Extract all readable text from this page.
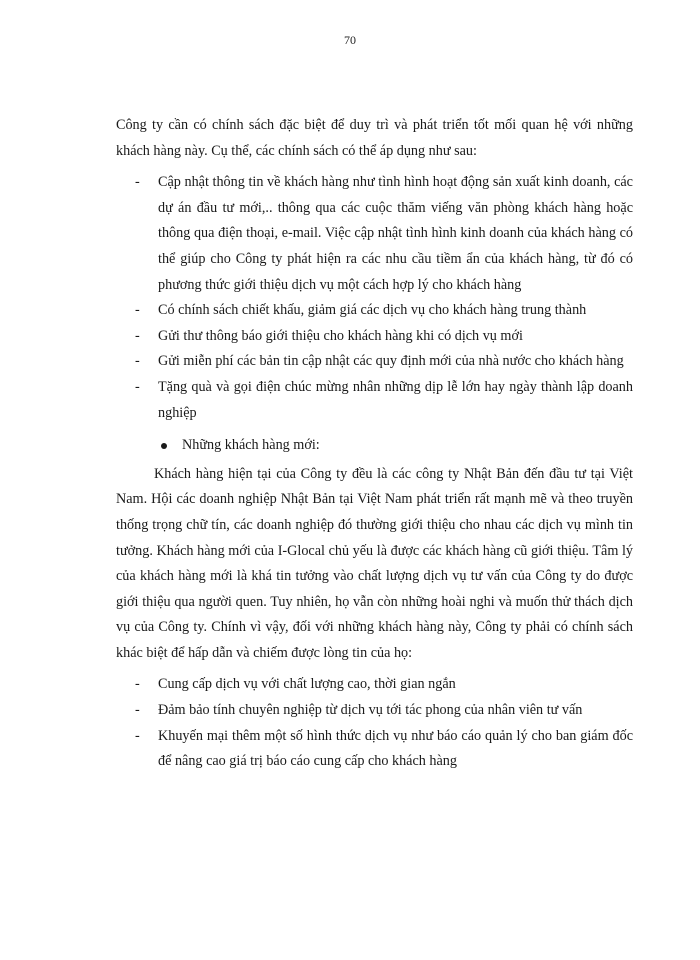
70

Công ty cần có chính sách đặc biệt để duy trì và phát triển tốt mối quan hệ với những khách hàng này. Cụ thể, các chính sách có thể áp dụng như sau:

- Cập nhật thông tin về khách hàng như tình hình hoạt động sản xuất kinh doanh, các dự án đầu tư mới,.. thông qua các cuộc thăm viếng văn phòng khách hàng hoặc thông qua điện thoại, e-mail. Việc cập nhật tình hình kinh doanh của khách hàng có thể giúp cho Công ty phát hiện ra các nhu cầu tiềm ẩn của khách hàng, từ đó có phương thức giới thiệu dịch vụ một cách hợp lý cho khách hàng
- Có chính sách chiết khấu, giảm giá các dịch vụ cho khách hàng trung thành
- Gửi thư thông báo giới thiệu cho khách hàng khi có dịch vụ mới
- Gửi miễn phí các bản tin cập nhật các quy định mới của nhà nước cho khách hàng
- Tặng quà và gọi điện chúc mừng nhân những dịp lễ lớn hay ngày thành lập doanh nghiệp
Những khách hàng mới:

Khách hàng hiện tại của Công ty đều là các công ty Nhật Bản đến đầu tư tại Việt Nam. Hội các doanh nghiệp Nhật Bản tại Việt Nam phát triển rất mạnh mẽ và theo truyền thống trọng chữ tín, các doanh nghiệp đó thường giới thiệu cho nhau các dịch vụ mình tin tưởng. Khách hàng mới của I-Glocal chủ yếu là được các khách hàng cũ giới thiệu. Tâm lý của khách hàng mới là khá tin tưởng vào chất lượng dịch vụ tư vấn của Công ty do được giới thiệu qua người quen. Tuy nhiên, họ vẫn còn những hoài nghi và muốn thử thách dịch vụ của Công ty. Chính vì vậy, đối với những khách hàng này, Công ty phải có chính sách khác biệt để hấp dẫn và chiếm được lòng tin của họ:

- Cung cấp dịch vụ với chất lượng cao, thời gian ngắn
- Đảm bảo tính chuyên nghiệp từ dịch vụ tới tác phong của nhân viên tư vấn
- Khuyến mại thêm một số hình thức dịch vụ như báo cáo quản lý cho ban giám đốc để nâng cao giá trị báo cáo cung cấp cho khách hàng
